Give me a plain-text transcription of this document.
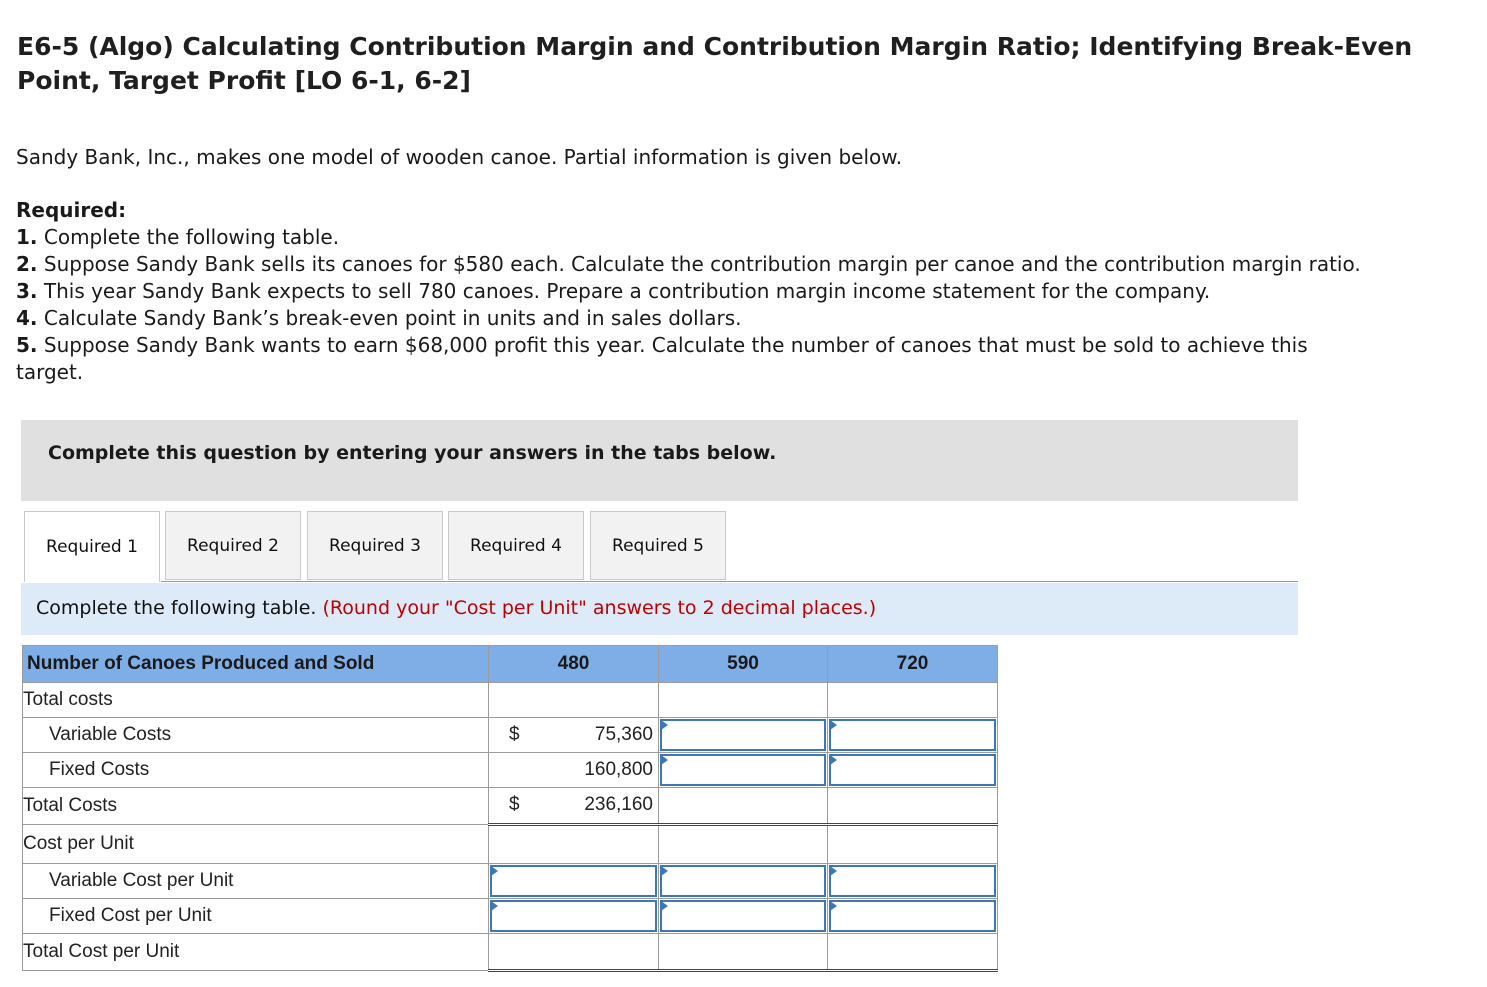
E6-5 (Algo) Calculating Contribution Margin and Contribution Margin Ratio; Identifying Break-Even Point, Target Profit [LO 6-1, 6-2]

Sandy Bank, Inc., makes one model of wooden canoe. Partial information is given below.

Required:

1. Complete the following table.

2. Suppose Sandy Bank sells its canoes for $580 each. Calculate the contribution margin per canoe and the contribution margin ratio.

3. This year Sandy Bank expects to sell 780 canoes. Prepare a contribution margin income statement for the company.

4. Calculate Sandy Bank’s break-even point in units and in sales dollars.

5. Suppose Sandy Bank wants to earn $68,000 profit this year. Calculate the number of canoes that must be sold to achieve this target.

Complete this question by entering your answers in the tabs below.
Required 1	Required 2	Required 3	Required 4	Required 5
Complete the following table. (Round your "Cost per Unit" answers to 2 decimal places.)
Number of Canoes Produced and Sold	480	590	720
Total costs			
Variable Costs	$ 75,360

Fixed Costs	160,800

Total Costs	$ 236,160		

Cost per Unit			
Variable Cost per Unit	

Fixed Cost per Unit	

Total Cost per Unit			
